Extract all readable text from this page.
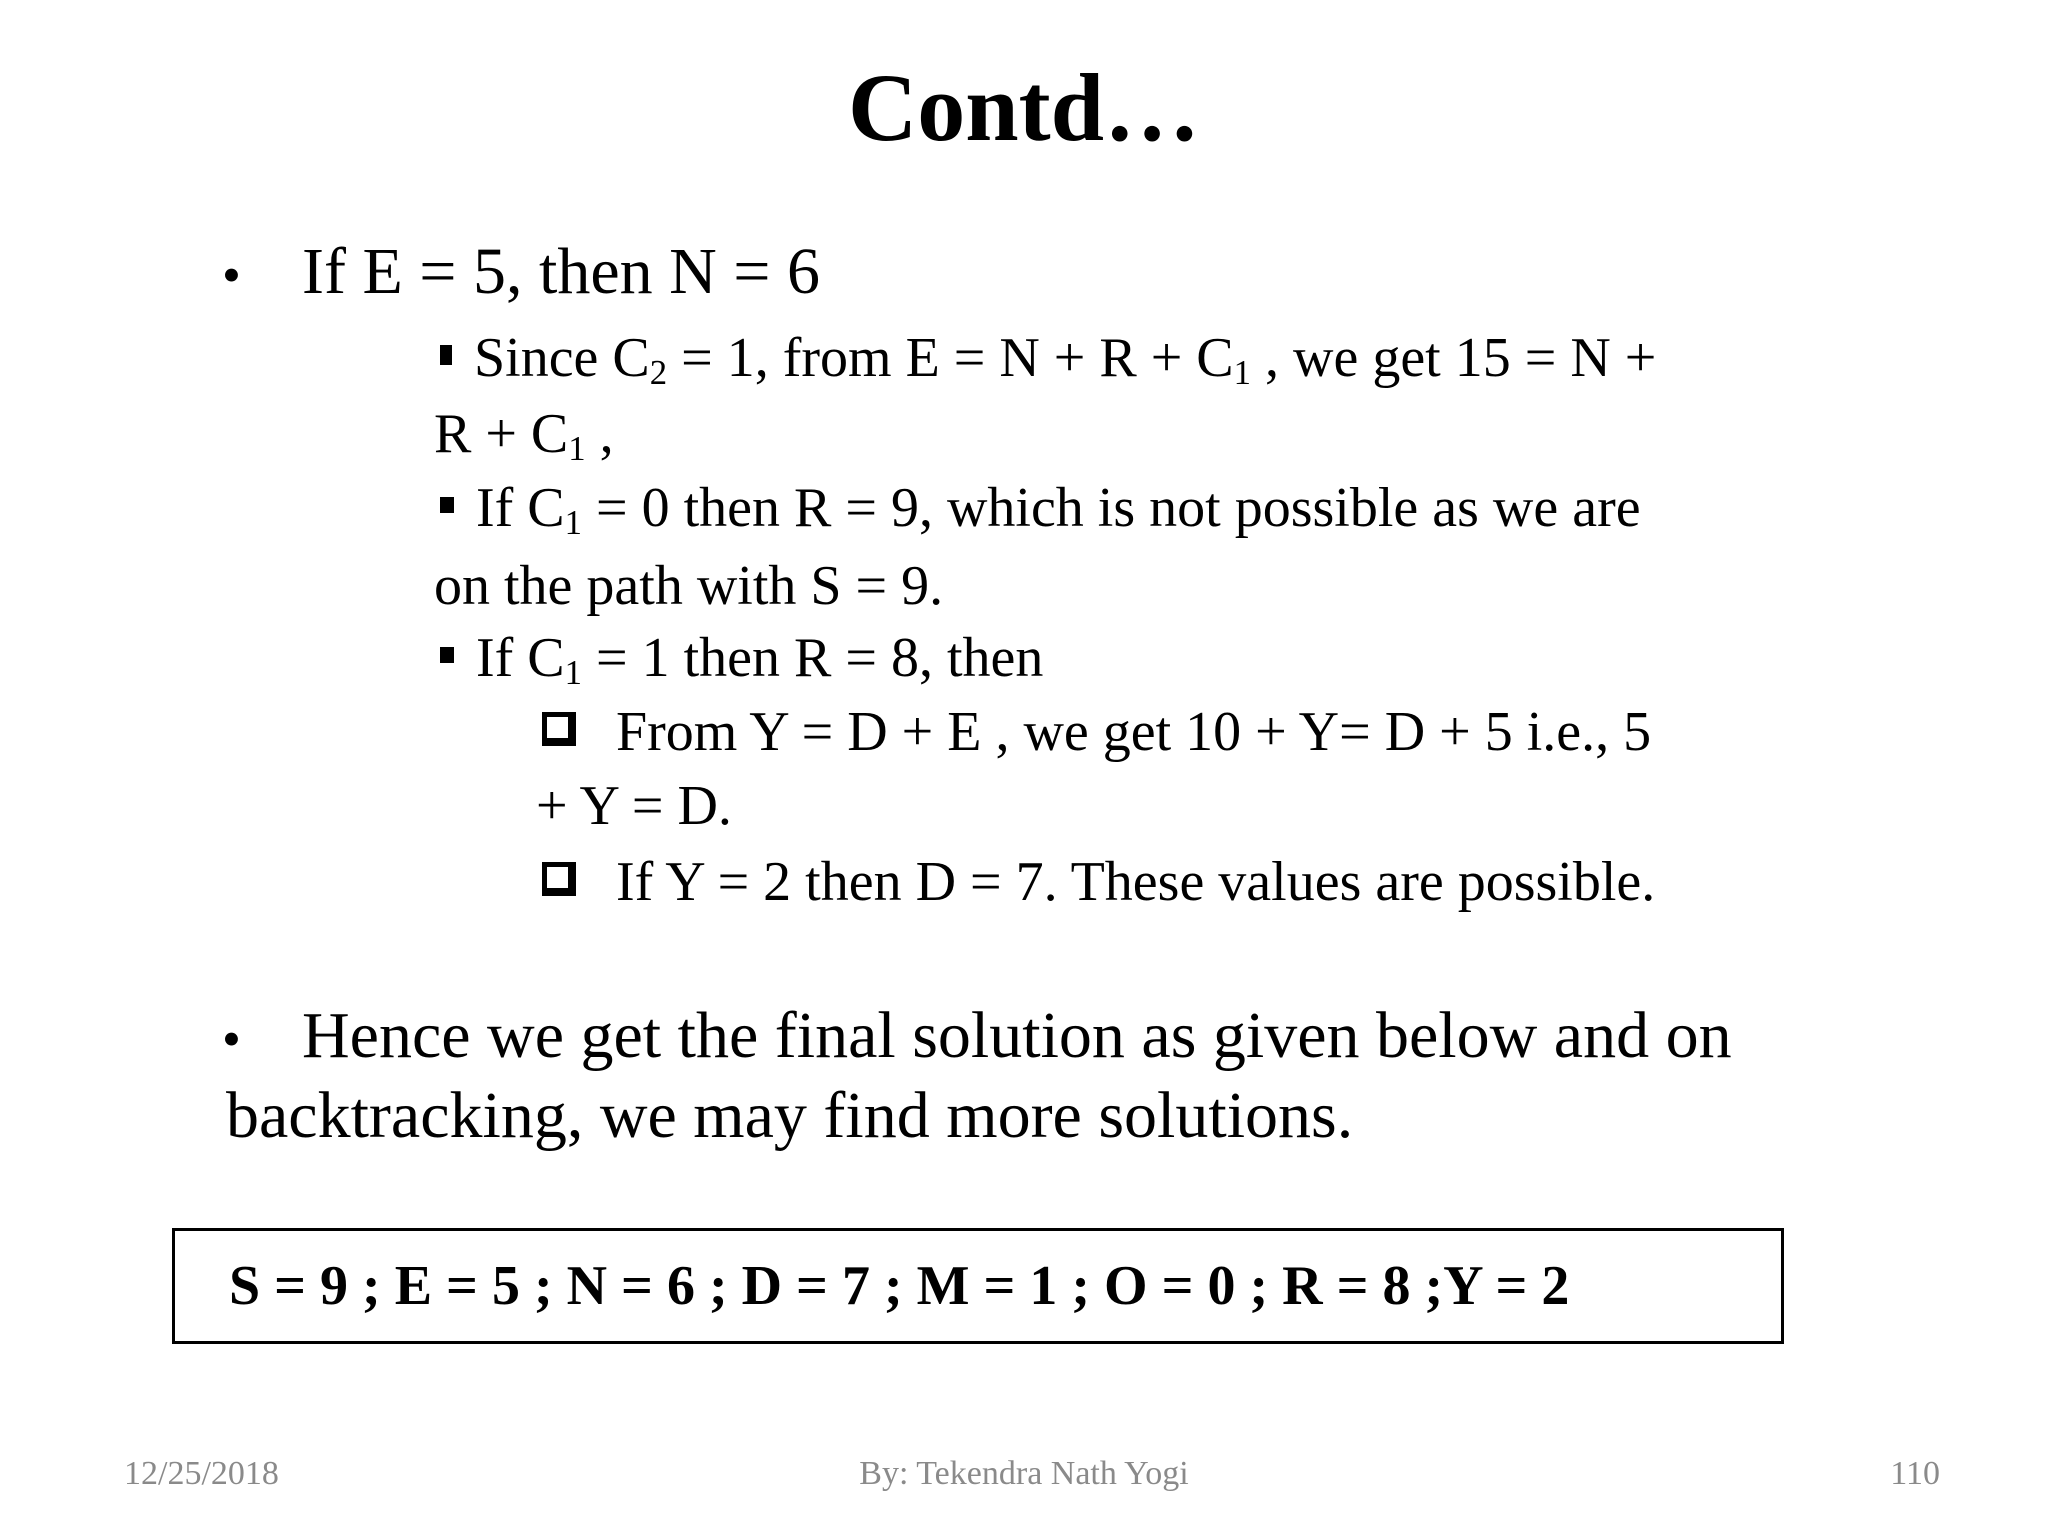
Contd…
• If E = 5, then N = 6
Since $C_2 = 1$, from $E = N + R + C_1$ , we get 15 = N +
$R + C_1$ ,
If $C_1 = 0$ then R = 9, which is not possible as we are
on the path with S = 9.
If $C_1 = 1$ then R = 8, then
From Y = D + E , we get 10 + Y= D + 5 i.e., 5
+ Y = D.
If Y = 2 then D = 7. These values are possible.
• Hence we get the final solution as given below and on
backtracking, we may find more solutions.
S = 9 ; E = 5 ; N = 6 ; D = 7 ; M = 1 ; O = 0 ; R = 8 ;Y = 2
12/25/2018	By: Tekendra Nath Yogi	110
